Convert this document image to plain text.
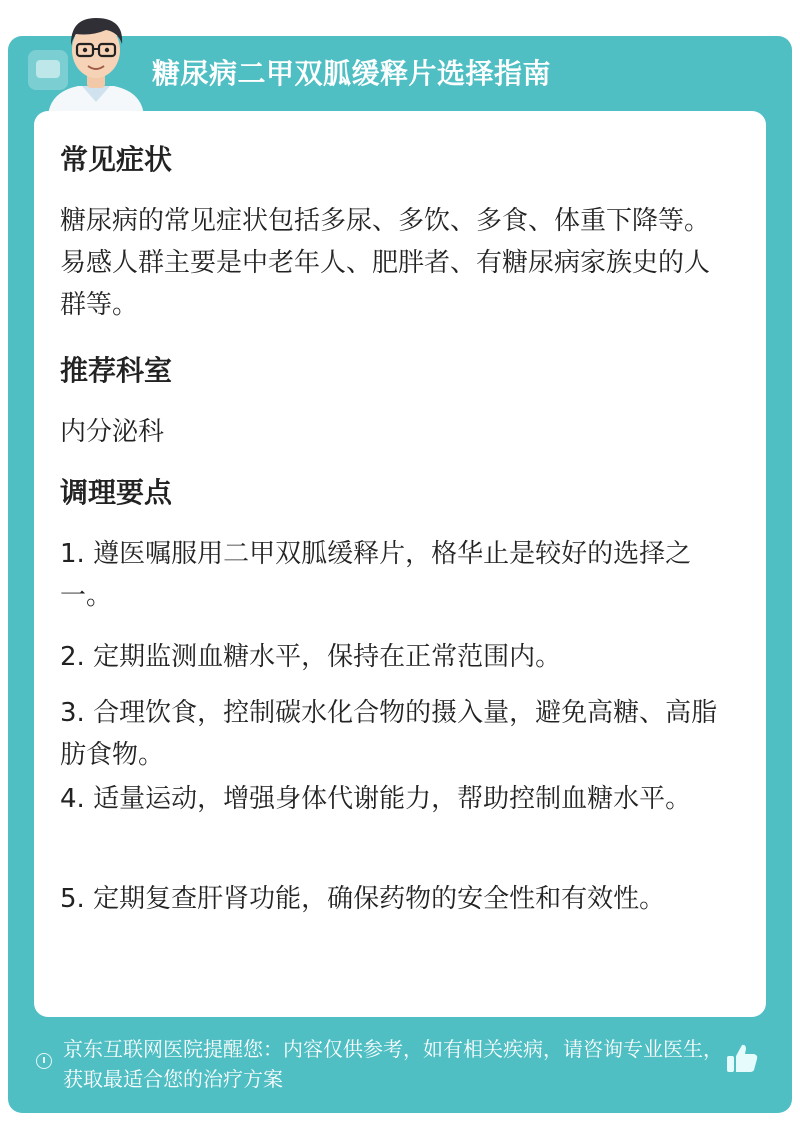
糖尿病二甲双胍缓释片选择指南
常见症状
糖尿病的常见症状包括多尿、多饮、多食、体重下降等。易感人群主要是中老年人、肥胖者、有糖尿病家族史的人群等。
推荐科室
内分泌科
调理要点
1. 遵医嘱服用二甲双胍缓释片，格华止是较好的选择之一。
2. 定期监测血糖水平，保持在正常范围内。
3. 合理饮食，控制碳水化合物的摄入量，避免高糖、高脂肪食物。
4. 适量运动，增强身体代谢能力，帮助控制血糖水平。
5. 定期复查肝肾功能，确保药物的安全性和有效性。
京东互联网医院提醒您：内容仅供参考，如有相关疾病，请咨询专业医生，获取最适合您的治疗方案
